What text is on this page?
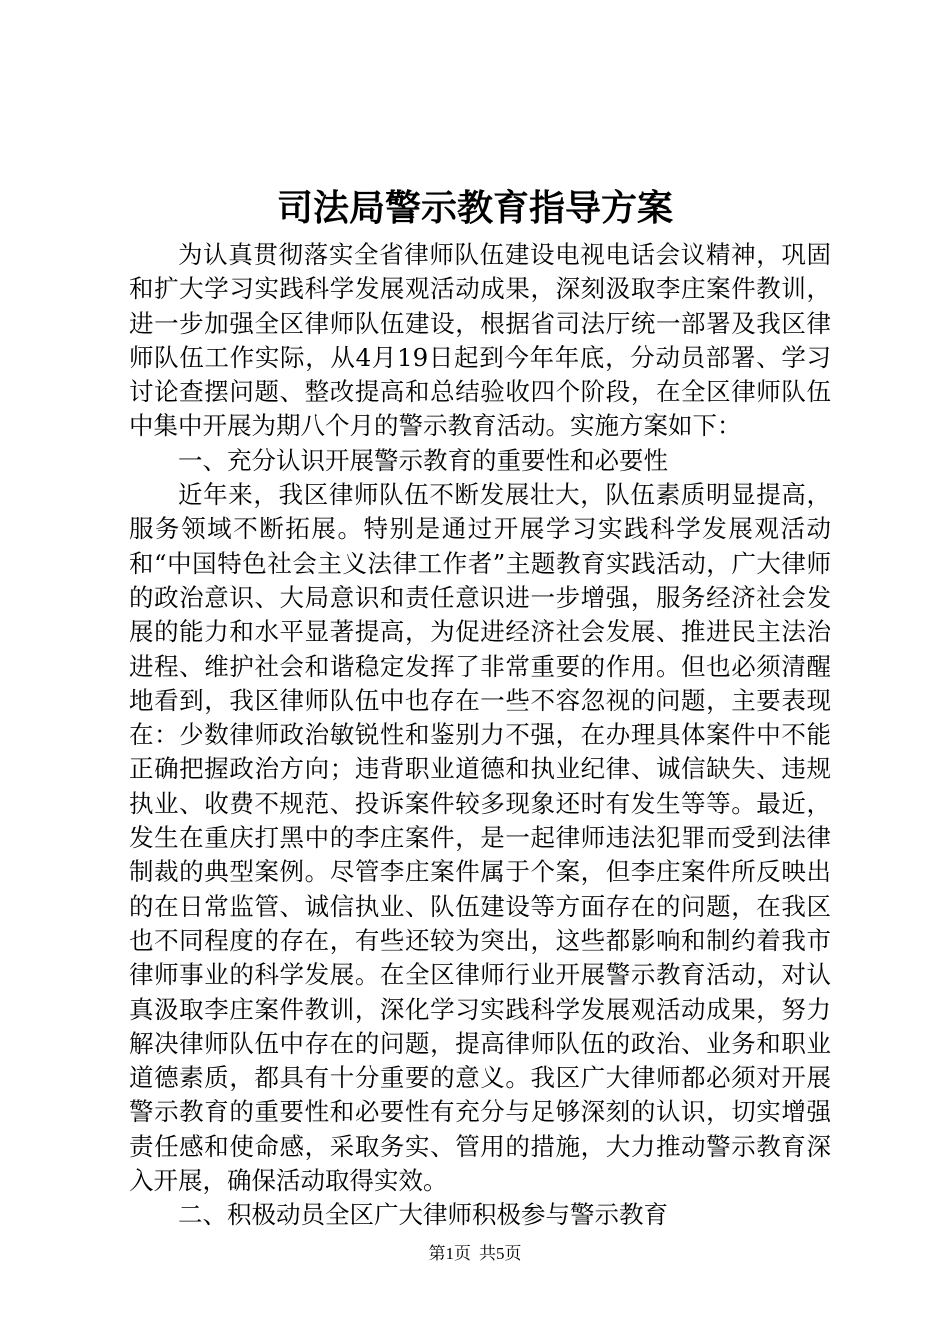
司法局警示教育指导方案

为认真贯彻落实全省律师队伍建设电视电话会议精神，巩固和扩大学习实践科学发展观活动成果，深刻汲取李庄案件教训，进一步加强全区律师队伍建设，根据省司法厅统一部署及我区律师队伍工作实际，从4月19日起到今年年底，分动员部署、学习讨论查摆问题、整改提高和总结验收四个阶段，在全区律师队伍中集中开展为期八个月的警示教育活动。实施方案如下：

一、充分认识开展警示教育的重要性和必要性

近年来，我区律师队伍不断发展壮大，队伍素质明显提高，服务领域不断拓展。特别是通过开展学习实践科学发展观活动和“中国特色社会主义法律工作者”主题教育实践活动，广大律师的政治意识、大局意识和责任意识进一步增强，服务经济社会发展的能力和水平显著提高，为促进经济社会发展、推进民主法治进程、维护社会和谐稳定发挥了非常重要的作用。但也必须清醒地看到，我区律师队伍中也存在一些不容忽视的问题，主要表现在：少数律师政治敏锐性和鉴别力不强，在办理具体案件中不能正确把握政治方向；违背职业道德和执业纪律、诚信缺失、违规执业、收费不规范、投诉案件较多现象还时有发生等等。最近，发生在重庆打黑中的李庄案件，是一起律师违法犯罪而受到法律制裁的典型案例。尽管李庄案件属于个案，但李庄案件所反映出的在日常监管、诚信执业、队伍建设等方面存在的问题，在我区也不同程度的存在，有些还较为突出，这些都影响和制约着我市律师事业的科学发展。在全区律师行业开展警示教育活动，对认真汲取李庄案件教训，深化学习实践科学发展观活动成果，努力解决律师队伍中存在的问题，提高律师队伍的政治、业务和职业道德素质，都具有十分重要的意义。我区广大律师都必须对开展警示教育的重要性和必要性有充分与足够深刻的认识，切实增强责任感和使命感，采取务实、管用的措施，大力推动警示教育深入开展，确保活动取得实效。

二、积极动员全区广大律师积极参与警示教育

第1页 共5页
